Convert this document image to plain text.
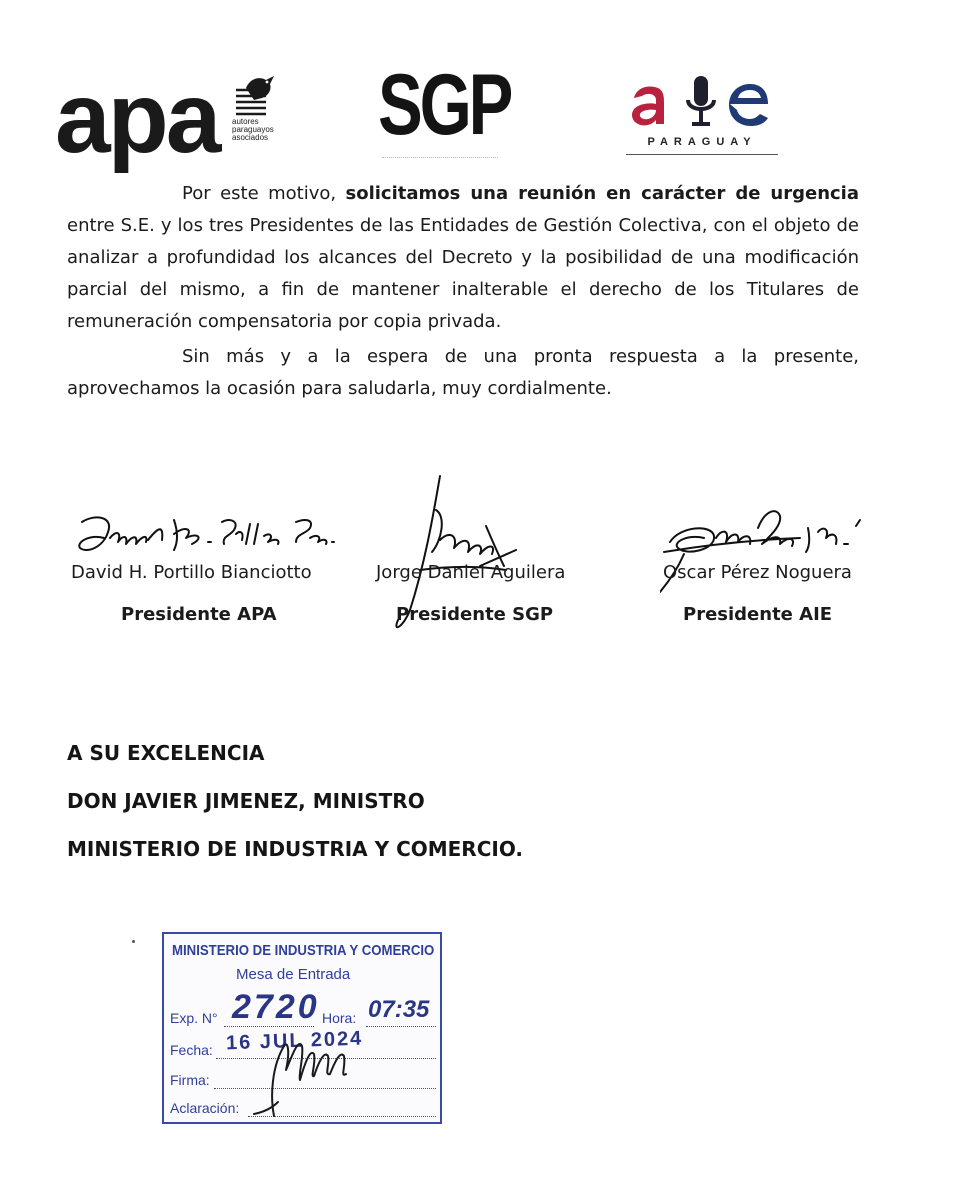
apa autores
paraguayos
asociados SGP	PARAGUAY
Por este motivo, solicitamos una reunión en carácter de urgencia entre S.E. y los tres Presidentes de las Entidades de Gestión Colectiva, con el objeto de analizar a profundidad los alcances del Decreto y la posibilidad de una modificación parcial del mismo, a fin de mantener inalterable el derecho de los Titulares de remuneración compensatoria por copia privada.
Sin más y a la espera de una pronta respuesta a la presente, aprovechamos la ocasión para saludarla, muy cordialmente.
David H. Portillo Bianciotto
Presidente APA
Jorge Daniel Aguilera
Presidente SGP
Oscar Pérez Noguera
Presidente AIE
A SU EXCELENCIA
DON JAVIER JIMENEZ, MINISTRO
MINISTERIO DE INDUSTRIA Y COMERCIO.
MINISTERIO DE INDUSTRIA Y COMERCIO
Mesa de Entrada
Exp. N° 2720 Hora: 07:35
Fecha: 16 JUL 2024
Firma:
Aclaración:
